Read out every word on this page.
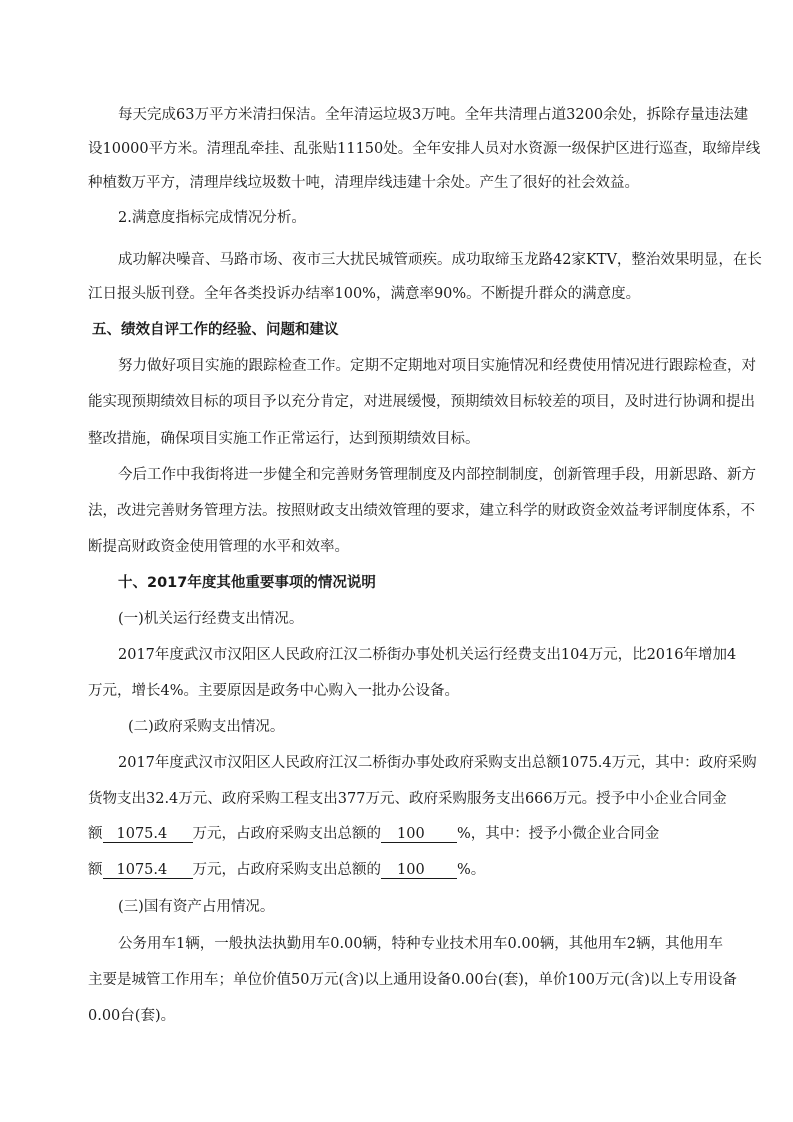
每天完成63万平方米清扫保洁。全年清运垃圾3万吨。全年共清理占道3200余处，拆除存量违法建
设10000平方米。清理乱牵挂、乱张贴11150处。全年安排人员对水资源一级保护区进行巡查，取缔岸线
种植数万平方，清理岸线垃圾数十吨，清理岸线违建十余处。产生了很好的社会效益。
2.满意度指标完成情况分析。
成功解决噪音、马路市场、夜市三大扰民城管顽疾。成功取缔玉龙路42家KTV，整治效果明显，在长
江日报头版刊登。全年各类投诉办结率100%，满意率90%。不断提升群众的满意度。
五、绩效自评工作的经验、问题和建议
努力做好项目实施的跟踪检查工作。定期不定期地对项目实施情况和经费使用情况进行跟踪检查，对
能实现预期绩效目标的项目予以充分肯定，对进展缓慢，预期绩效目标较差的项目，及时进行协调和提出
整改措施，确保项目实施工作正常运行，达到预期绩效目标。
今后工作中我街将进一步健全和完善财务管理制度及内部控制制度，创新管理手段，用新思路、新方
法，改进完善财务管理方法。按照财政支出绩效管理的要求，建立科学的财政资金效益考评制度体系，不
断提高财政资金使用管理的水平和效率。
十、2017年度其他重要事项的情况说明
(一)机关运行经费支出情况。
2017年度武汉市汉阳区人民政府江汉二桥街办事处机关运行经费支出104万元，比2016年增加4
万元，增长4%。主要原因是政务中心购入一批办公设备。
(二)政府采购支出情况。
2017年度武汉市汉阳区人民政府江汉二桥街办事处政府采购支出总额1075.4万元，其中：政府采购
货物支出32.4万元、政府采购工程支出377万元、政府采购服务支出666万元。授予中小企业合同金
额 1075.4 万元，占政府采购支出总额的 100 %，其中：授予小微企业合同金
额 1075.4 万元，占政府采购支出总额的 100 %。
(三)国有资产占用情况。
公务用车1辆，一般执法执勤用车0.00辆，特种专业技术用车0.00辆，其他用车2辆，其他用车
主要是城管工作用车；单位价值50万元(含)以上通用设备0.00台(套)，单价100万元(含)以上专用设备
0.00台(套)。
